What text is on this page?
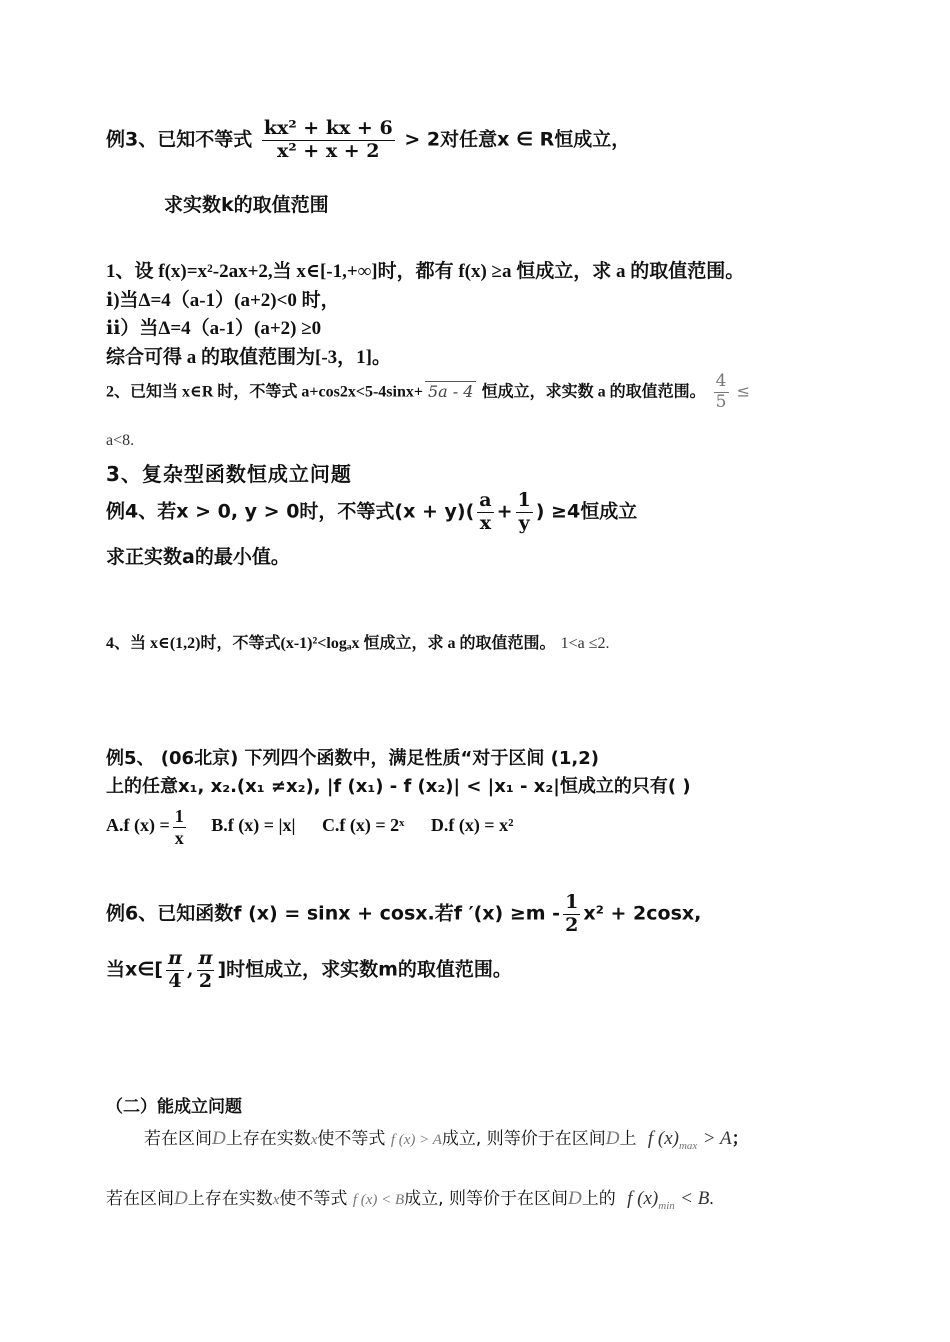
例3、已知不等式 $\frac{\text{kx² + kx + 6}}{\text{x² + x + 2}} > 2$对任意x ∈ R恒成立，
求实数k的取值范围
1、设 f(x)=x²-2ax+2,当 x∈[-1,+∞]时，都有 f(x) ≥a 恒成立，求 a 的取值范围。
ⅰ)当Δ=4（a-1）(a+2)<0 时，
ⅱ）当Δ=4（a-1）(a+2) ≥0
综合可得 a 的取值范围为[-3，1]。
2、已知当 x∈R 时，不等式 a+cos2x<5-4sinx+ 5a - 4 恒成立，求实数 a 的取值范围。 $\frac{4}{5}$ ≤
a<8.
3、复杂型函数恒成立问题
例4、若x > 0, y > 0时，不等式$(x + y)( \frac{a}{x} + \frac{1}{y}$ ) ≥4恒成立
求正实数a的最小值。
4、当 x∈(1,2)时，不等式(x-1)²<logₐx 恒成立，求 a 的取值范围。 1<a ≤2.
例5、 (06北京) 下列四个函数中，满足性质“对于区间 (1,2)
上的任意x₁, x₂.(x₁ ≠x₂), |f (x₁) - f (x₂)| < |x₁ - x₂|恒成立的只有( )
A.f $(x) = \frac{1}{x} B.f$ (x) = |x| C.f (x) = 2ˣ D.f (x) = x²
例6、已知函数f (x) = sinx + cosx.若f $'(x) \ge m - \frac{1}{2} x^2 + 2\cos x$,
当x∈[ $\frac{\pi}{4}$ , $\frac{\pi}{2}$ ]时恒成立，求实数m的取值范围。
（二）能成立问题
若在区间D上存在实数x使不等式 f (x) > A成立, 则等价于在区间D上 f $(x)_{max} > A$；
若在区间D上存在实数x使不等式 f (x) < B成立, 则等价于在区间D上的 f $(x)_{min} < B$.
